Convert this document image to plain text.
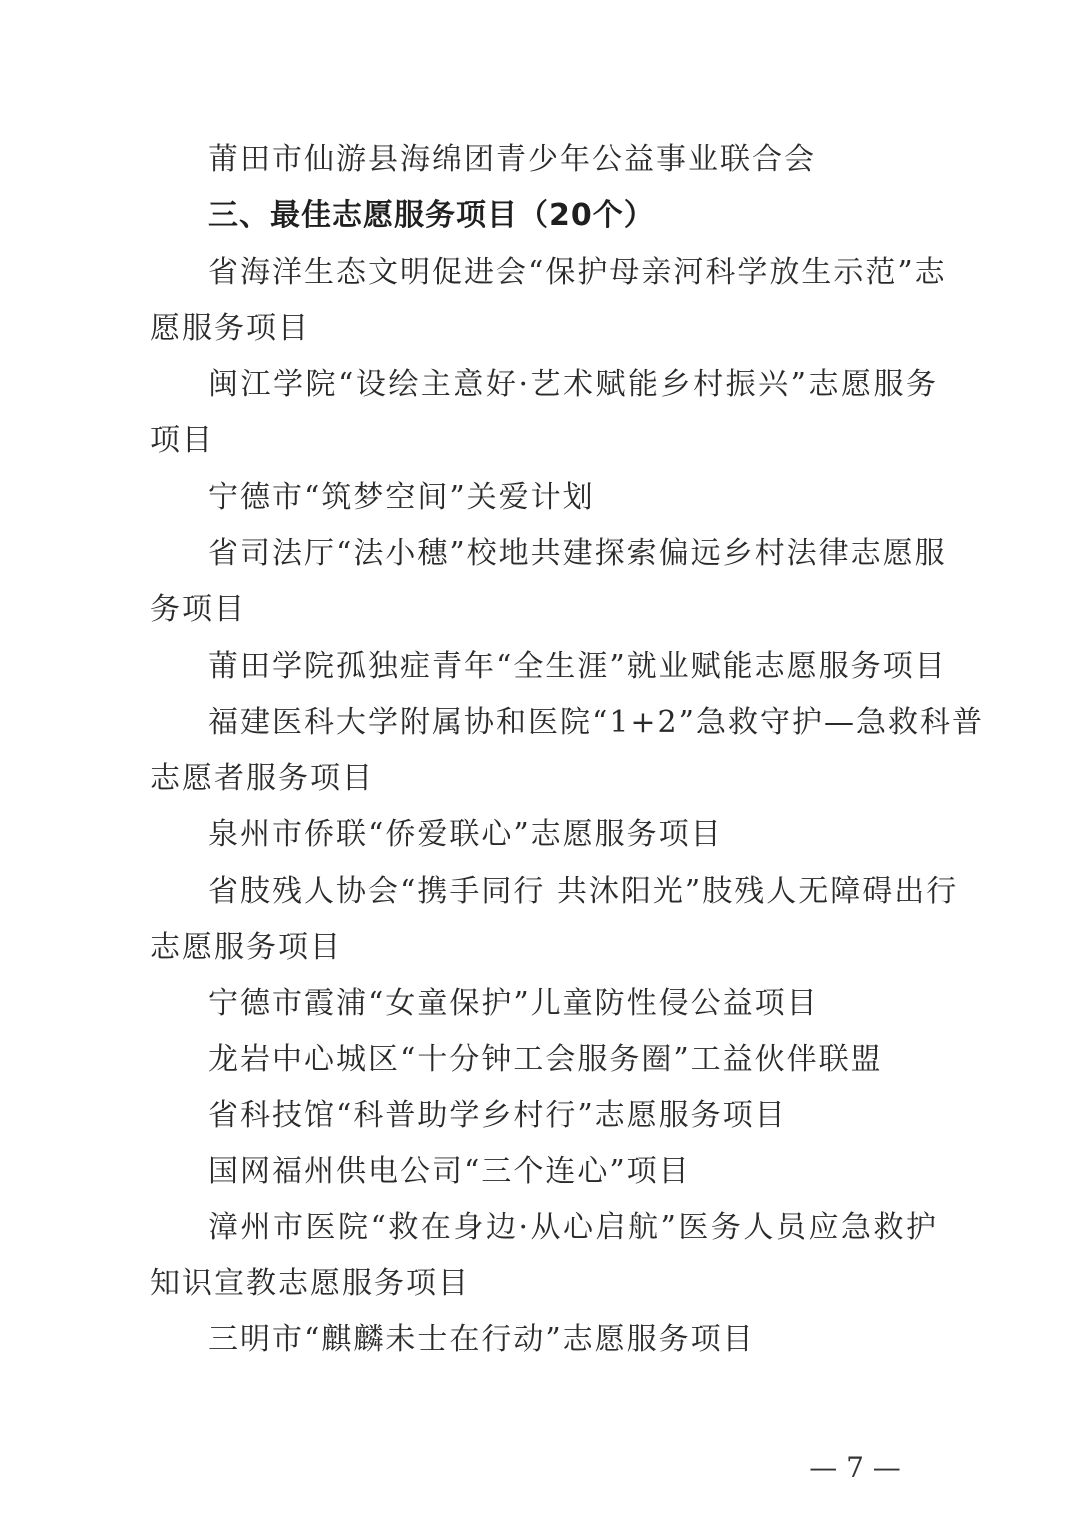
莆田市仙游县海绵团青少年公益事业联合会
三、最佳志愿服务项目（20个）
省海洋生态文明促进会“保护母亲河科学放生示范”志
愿服务项目
闽江学院“设绘主意好·艺术赋能乡村振兴”志愿服务
项目
宁德市“筑梦空间”关爱计划
省司法厅“法小穗”校地共建探索偏远乡村法律志愿服
务项目
莆田学院孤独症青年“全生涯”就业赋能志愿服务项目
福建医科大学附属协和医院“1+2”急救守护—急救科普
志愿者服务项目
泉州市侨联“侨爱联心”志愿服务项目
省肢残人协会“携手同行 共沐阳光”肢残人无障碍出行
志愿服务项目
宁德市霞浦“女童保护”儿童防性侵公益项目
龙岩中心城区“十分钟工会服务圈”工益伙伴联盟
省科技馆“科普助学乡村行”志愿服务项目
国网福州供电公司“三个连心”项目
漳州市医院“救在身边·从心启航”医务人员应急救护
知识宣教志愿服务项目
三明市“麒麟未士在行动”志愿服务项目
— 7 —
